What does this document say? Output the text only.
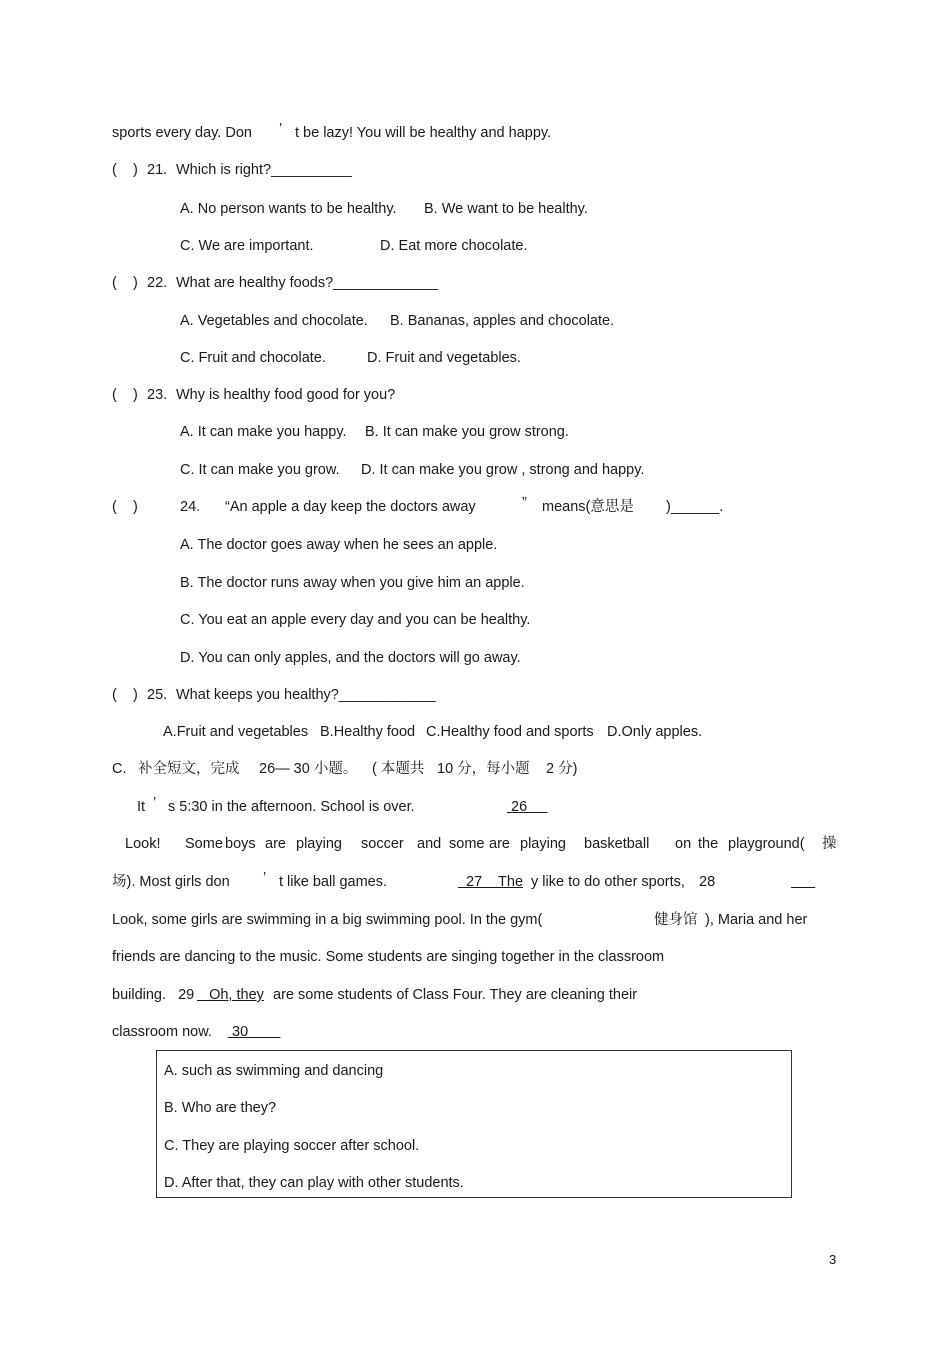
sports every day. Don ’ t be lazy! You will be healthy and happy.
(    ) 21. Which is right?__________
A. No person wants to be healthy. B. We want to be healthy.
C. We are important.	D. Eat more chocolate.
(    ) 22. What are healthy foods?_____________
A. Vegetables and chocolate. B. Bananas, apples and chocolate.
C. Fruit and chocolate.	D. Fruit and vegetables.
(    ) 23. Why is healthy food good for you?
A. It can make you happy. B. It can make you grow strong.
C. It can make you grow. D. It can make you grow , strong and happy.
(    )	24. “An apple a day keep the doctors away	” means(意思是 )______.
A. The doctor goes away when he sees an apple.
B. The doctor runs away when you give him an apple.
C. You eat an apple every day and you can be healthy.
D. You can only apples, and the doctors will go away.
(    ) 25. What keeps you healthy?____________
A.Fruit and vegetables B.Healthy food C.Healthy food and sports D.Only apples.
C. 补全短文，完成 26— 30 小题。 ( 本题共 10 分，每小题 2 分)
It ’ s 5:30 in the afternoon. School is over.	26
Look! Some boys are playing soccer and some are playing basketball on the playground( 操
场). Most girls don ’ t like ball games.	27    The y like to do other sports, 28

Look, some girls are swimming in a big swimming pool. In the gym(	健身馆 ), Maria and her
friends are dancing to the music. Some students are singing together in the classroom
building.   29 Oh, they are some students of Class Four. They are cleaning their
classroom now. 30
A. such as swimming and dancing
B. Who are they?
C. They are playing soccer after school.
D. After that, they can play with other students.
3
